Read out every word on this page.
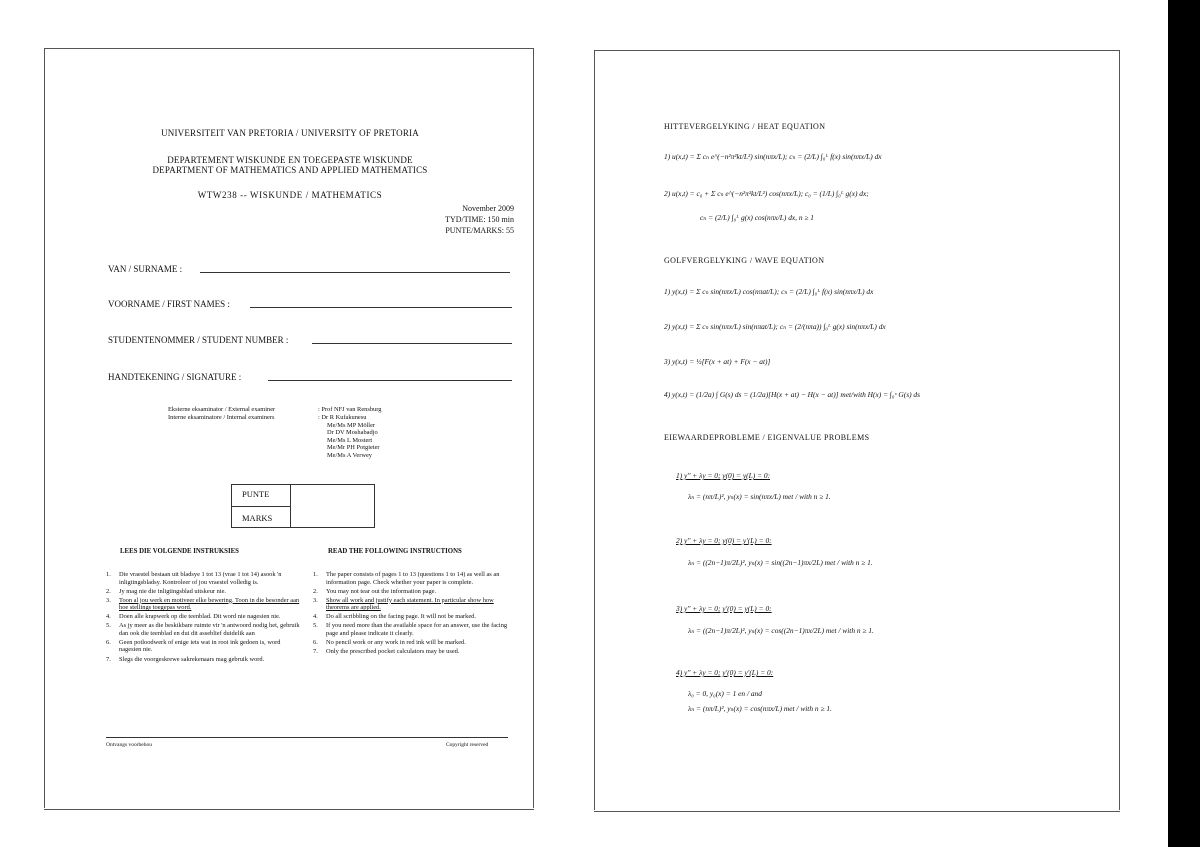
UNIVERSITEIT VAN PRETORIA / UNIVERSITY OF PRETORIA
DEPARTEMENT WISKUNDE EN TOEGEPASTE WISKUNDE
DEPARTMENT OF MATHEMATICS AND APPLIED MATHEMATICS
WTW238 -- WISKUNDE / MATHEMATICS
November 2009
TYD/TIME: 150 min
PUNTE/MARKS: 55
VAN / SURNAME :
VOORNAME / FIRST NAMES :
STUDENTENOMMER / STUDENT NUMBER :
HANDTEKENING / SIGNATURE :
Eksterne eksaminator / External examiner
Interne eksaminatore / Internal examiners
: Prof NFJ van Rensburg
: Dr R Kufakunesu
Me/Ms MP Möller
Dr DV Moshabadjo
Me/Ms L Mostert
Me/Mr PH Potgieter
Me/Ms A Verwey
PUNTE
MARKS
LEES DIE VOLGENDE INSTRUKSIES	READ THE FOLLOWING INSTRUCTIONS
1. Die vraestel bestaan uit bladsye 1 tot 13 (vrae 1 tot 14) asook 'n inligtingsbladsy. Kontroleer of jou vraestel volledig is.
2. Jy mag nie die inligtingsblad uitskeur nie.
3. Toon al jou werk en motiveer elke bewering. Toon in die besonder aan hoe stellings toegepas word.
4. Doen alle krapwerk op die teenblad. Dit word nie nagesien nie.
5. As jy meer as die beskikbare ruimte vir 'n antwoord nodig het, gebruik dan ook die teenblad en dui dit asseblief duidelik aan
6. Geen potloodwerk of enige iets wat in rooi ink gedoen is, word nagesien nie.
7. Slegs die voorgeskrewe sakrekenaars mag gebruik word.
1. The paper consists of pages 1 to 13 (questions 1 to 14) as well as an information page. Check whether your paper is complete.
2. You may not tear out the information page.
3. Show all work and justify each statement. In particular show how theorems are applied.
4. Do all scribbling on the facing page. It will not be marked.
5. If you need more than the available space for an answer, use the facing page and please indicate it clearly.
6. No pencil work or any work in red ink will be marked.
7. Only the prescribed pocket calculators may be used.
Ontvangs voorbehou	Copyright reserved
HITTEVERGELYKING / HEAT EQUATION
1) u(x,t) = Σ cₙ e^(−n²π²kt/L²) sin(nπx/L); cₙ = (2/L) ∫₀ᴸ f(x) sin(nπx/L) dx
2) u(x,t) = c₀ + Σ cₙ e^(−n²π²kt/L²) cos(nπx/L); c₀ = (1/L) ∫₀ᴸ g(x) dx;
cₙ = (2/L) ∫₀ᴸ g(x) cos(nπx/L) dx, n ≥ 1
GOLFVERGELYKING / WAVE EQUATION
1) y(x,t) = Σ cₙ sin(nπx/L) cos(nπat/L); cₙ = (2/L) ∫₀ᴸ f(x) sin(nπx/L) dx
2) y(x,t) = Σ cₙ sin(nπx/L) sin(nπat/L); cₙ = (2/(nπa)) ∫₀ᴸ g(x) sin(nπx/L) dx
3) y(x,t) = ½[F(x + at) + F(x − at)]
4) y(x,t) = (1/2a) ∫ G(s) ds = (1/2a)[H(x + at) − H(x − at)] met/with H(x) = ∫₀ˣ G(s) ds
EIEWAARDEPROBLEME / EIGENVALUE PROBLEMS
1) y'' + λy = 0; y(0) = y(L) = 0:
λₙ = (nπ/L)², yₙ(x) = sin(nπx/L) met / with n ≥ 1.
2) y'' + λy = 0; y(0) = y'(L) = 0:
λₙ = ((2n−1)π/2L)², yₙ(x) = sin((2n−1)πx/2L) met / with n ≥ 1.
3) y'' + λy = 0; y'(0) = y(L) = 0:
λₙ = ((2n−1)π/2L)², yₙ(x) = cos((2n−1)πx/2L) met / with n ≥ 1.
4) y'' + λy = 0; y'(0) = y'(L) = 0:
λ₀ = 0, y₀(x) = 1 en / and
λₙ = (nπ/L)², yₙ(x) = cos(nπx/L) met / with n ≥ 1.
